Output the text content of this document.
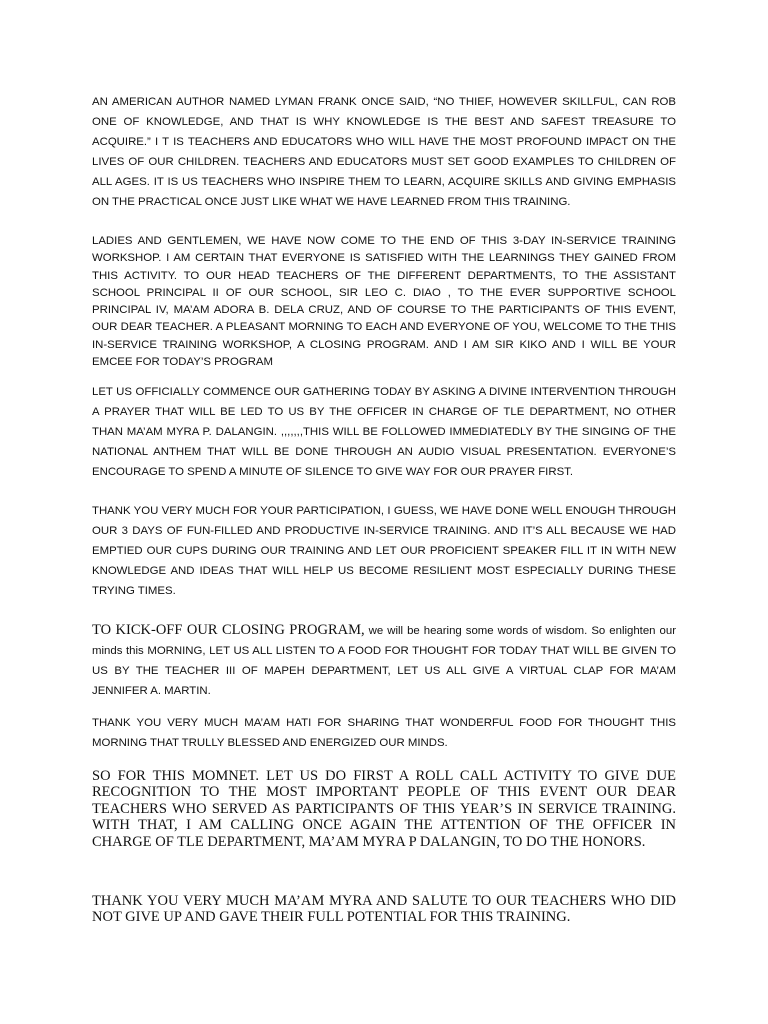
AN AMERICAN AUTHOR NAMED LYMAN FRANK ONCE SAID, “NO THIEF, HOWEVER SKILLFUL, CAN ROB ONE OF KNOWLEDGE, AND THAT IS WHY KNOWLEDGE IS THE BEST AND SAFEST TREASURE TO ACQUIRE.” I T IS TEACHERS AND EDUCATORS WHO WILL HAVE THE MOST PROFOUND IMPACT ON THE LIVES OF OUR CHILDREN. TEACHERS AND EDUCATORS MUST SET GOOD EXAMPLES TO CHILDREN OF ALL AGES. IT IS US TEACHERS WHO INSPIRE THEM TO LEARN, ACQUIRE SKILLS AND GIVING EMPHASIS ON THE PRACTICAL ONCE JUST LIKE WHAT WE HAVE LEARNED FROM THIS TRAINING.

LADIES AND GENTLEMEN, WE HAVE NOW COME TO THE END OF THIS 3-DAY IN-SERVICE TRAINING WORKSHOP. I AM CERTAIN THAT EVERYONE IS SATISFIED WITH THE LEARNINGS THEY GAINED FROM THIS ACTIVITY. TO OUR HEAD TEACHERS OF THE DIFFERENT DEPARTMENTS, TO THE ASSISTANT SCHOOL PRINCIPAL II OF OUR SCHOOL, SIR LEO C. DIAO , TO THE EVER SUPPORTIVE SCHOOL PRINCIPAL IV, MA’AM ADORA B. DELA CRUZ, AND OF COURSE TO THE PARTICIPANTS OF THIS EVENT, OUR DEAR TEACHER. A PLEASANT MORNING TO EACH AND EVERYONE OF YOU, WELCOME TO THE THIS IN-SERVICE TRAINING WORKSHOP, A CLOSING PROGRAM. AND I AM SIR KIKO AND I WILL BE YOUR EMCEE FOR TODAY’S PROGRAM

LET US OFFICIALLY COMMENCE OUR GATHERING TODAY BY ASKING A DIVINE INTERVENTION THROUGH A PRAYER THAT WILL BE LED TO US BY THE OFFICER IN CHARGE OF TLE DEPARTMENT, NO OTHER THAN MA’AM MYRA P. DALANGIN. ,,,,,,,THIS WILL BE FOLLOWED IMMEDIATEDLY BY THE SINGING OF THE NATIONAL ANTHEM THAT WILL BE DONE THROUGH AN AUDIO VISUAL PRESENTATION. EVERYONE’S ENCOURAGE TO SPEND A MINUTE OF SILENCE TO GIVE WAY FOR OUR PRAYER FIRST.

THANK YOU VERY MUCH FOR YOUR PARTICIPATION, I GUESS, WE HAVE DONE WELL ENOUGH THROUGH OUR 3 DAYS OF FUN-FILLED AND PRODUCTIVE IN-SERVICE TRAINING. AND IT’S ALL BECAUSE WE HAD EMPTIED OUR CUPS DURING OUR TRAINING AND LET OUR PROFICIENT SPEAKER FILL IT IN WITH NEW KNOWLEDGE AND IDEAS THAT WILL HELP US BECOME RESILIENT MOST ESPECIALLY DURING THESE TRYING TIMES.

TO KICK-OFF OUR CLOSING PROGRAM, we will be hearing some words of wisdom. So enlighten our minds this MORNING, LET US ALL LISTEN TO A FOOD FOR THOUGHT FOR TODAY THAT WILL BE GIVEN TO US BY THE TEACHER III OF MAPEH DEPARTMENT, LET US ALL GIVE A VIRTUAL CLAP FOR MA’AM JENNIFER A. MARTIN.

THANK YOU VERY MUCH MA’AM HATI FOR SHARING THAT WONDERFUL FOOD FOR THOUGHT THIS MORNING THAT TRULLY BLESSED AND ENERGIZED OUR MINDS.

SO FOR THIS MOMNET. LET US DO FIRST A ROLL CALL ACTIVITY TO GIVE DUE RECOGNITION TO THE MOST IMPORTANT PEOPLE OF THIS EVENT OUR DEAR TEACHERS WHO SERVED AS PARTICIPANTS OF THIS YEAR’S IN SERVICE TRAINING. WITH THAT, I AM CALLING ONCE AGAIN THE ATTENTION OF THE OFFICER IN CHARGE OF TLE DEPARTMENT, MA’AM MYRA P DALANGIN, TO DO THE HONORS.

THANK YOU VERY MUCH MA’AM MYRA AND SALUTE TO OUR TEACHERS WHO DID NOT GIVE UP AND GAVE THEIR FULL POTENTIAL FOR THIS TRAINING.
